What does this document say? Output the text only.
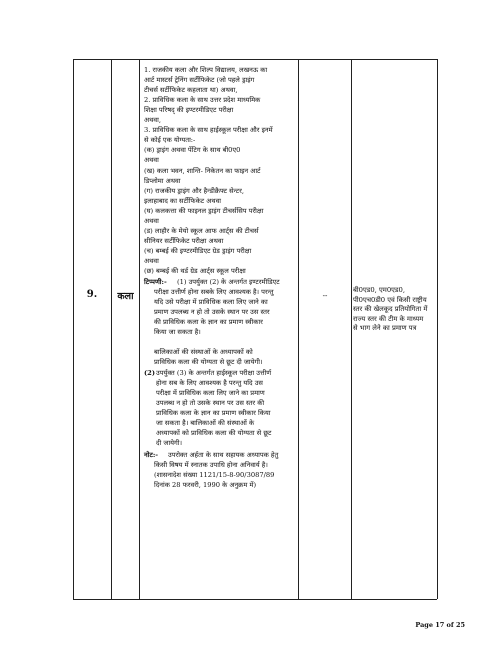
9.	कला
1. राजकीय कला और शिल्प विद्यालय, लखनऊ का
आर्ट मास्टर्स ट्रेनिंग सर्टीफिकेट (जो पहले ड्राइंग
टीचर्स सर्टीफिकेट कहलाता था) अथवा,
2. प्राविधिक कला के साथ उत्तर प्रदेश माध्यमिक
शिक्षा परिषद् की इण्टरमीडिएट परीक्षा
अथवा,
3. प्राविधिक कला के साथ हाईस्कूल परीक्षा और इनमें
से कोई एक योग्यता:-
(क) ड्राइंग अथवा पेंटिग के साथ बी0ए0
अथवा
(ख) कला भवन, शान्ति- निकेतन का फाइन आर्ट
डिप्लोमा अथवा
(ग) राजकीय ड्राइंग और हैन्डीक्रैफ्ट सेन्टर,
इलाहाबाद का सर्टीफिकेट अथवा
(घ) कलकत्ता की फाइनल ड्राइंग टीचर्ससिप परीक्षा
अथवा
(ड) लाहौर के मेयो स्कूल आफ आर्ट्स की टीचर्स
सीनियर सर्टीफिकेट परीक्षा अथवा
(च) बम्बई की इण्टरमीडिएट ग्रेड ड्राइंग परीक्षा
अथवा
(छ) बम्बई की थर्ड ग्रेड आर्ट्स स्कूल परीक्षा
टिप्पणी:- (1) उपर्युक्त (2) के अन्तर्गत इण्टरमीडिएट
परीक्षा उत्तीर्ण होना सबके लिए आवश्यक है। परन्तु
यदि उसे परीक्षा में प्राविधिक कला लिए जाने का
प्रमाण उपलब्ध न हो तो उसके स्थान पर उस स्तर
की प्राविधिक कला के ज्ञान का प्रमाण स्वीकार
किया जा सकता है।
बालिकाओं की संस्थाओं के अध्यापकों को
प्राविधिक कला की योग्यता से छूट दी जायेगी।
(2) उपर्युक्त (3) के अन्तर्गत हाईस्कूल परीक्षा उत्तीर्ण
होना सब के लिए आवश्यक है परन्तु यदि उस
परीक्षा में प्राविधिक कला लिए जाने का प्रमाण
उपलब्ध न हो तो उसके स्थान पर उस स्तर की
प्राविधिक कला के ज्ञान का प्रमाण स्वीकार किया
जा सकता है। बालिकाओं की संस्थाओं के
अध्यापकों को प्राविधिक कला की योग्यता से छूट
दी जायेगी।
नोट:- उपरोक्त अर्हता के साथ सहायक अध्यापक हेतु
किसी विषय में स्नातक उपाधि होना अनिवार्य है।
(शासनादेश संख्या 1121/15-8-90/3087/89
दिनांक 28 फरवरी, 1990 के अनुक्रम में)
--
बी0एड0, एम0एड0,
पी0एच0डी0 एवं किसी राष्ट्रीय
स्तर की खेलकूद प्रतियोगिता में
राज्य स्तर की टीम के माध्यम
से भाग लेने का प्रमाण पत्र
Page 17 of 25
